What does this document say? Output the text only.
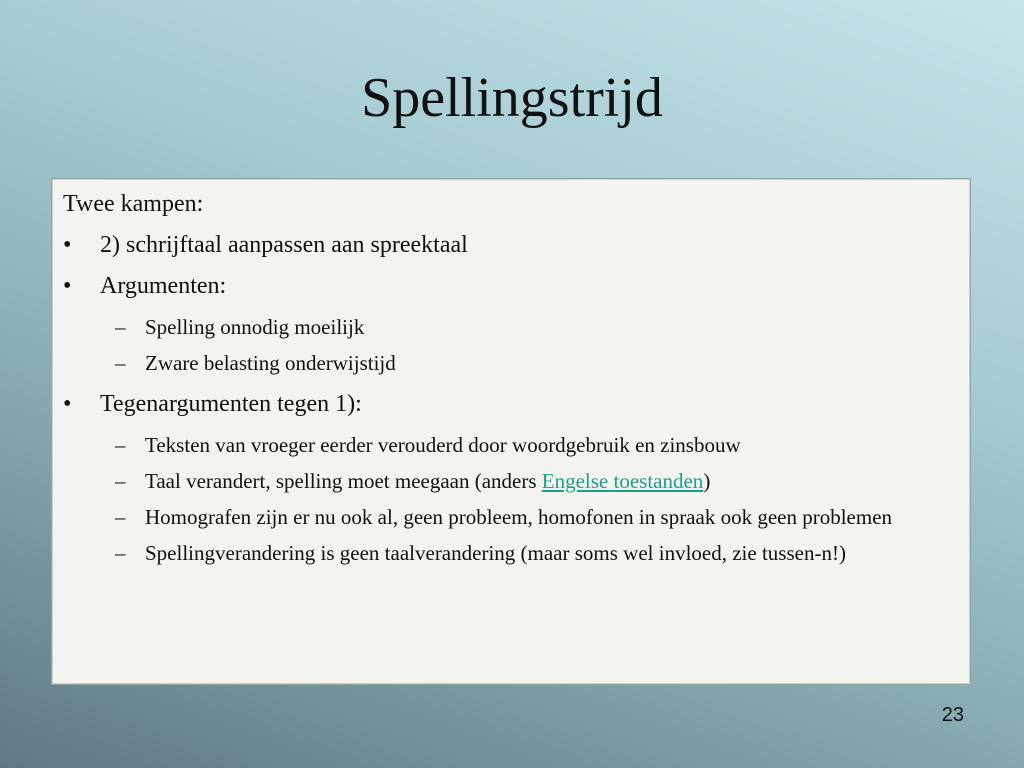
Spellingstrijd
Twee kampen:
•	2) schrijftaal aanpassen aan spreektaal
•	Argumenten:
– Spelling onnodig moeilijk
– Zware belasting onderwijstijd
•	Tegenargumenten tegen 1):
– Teksten van vroeger eerder verouderd door woordgebruik en zinsbouw
– Taal verandert, spelling moet meegaan (anders Engelse toestanden)
– Homografen zijn er nu ook al, geen probleem, homofonen in spraak ook geen problemen
– Spellingverandering is geen taalverandering (maar soms wel invloed, zie tussen-n!)
23
